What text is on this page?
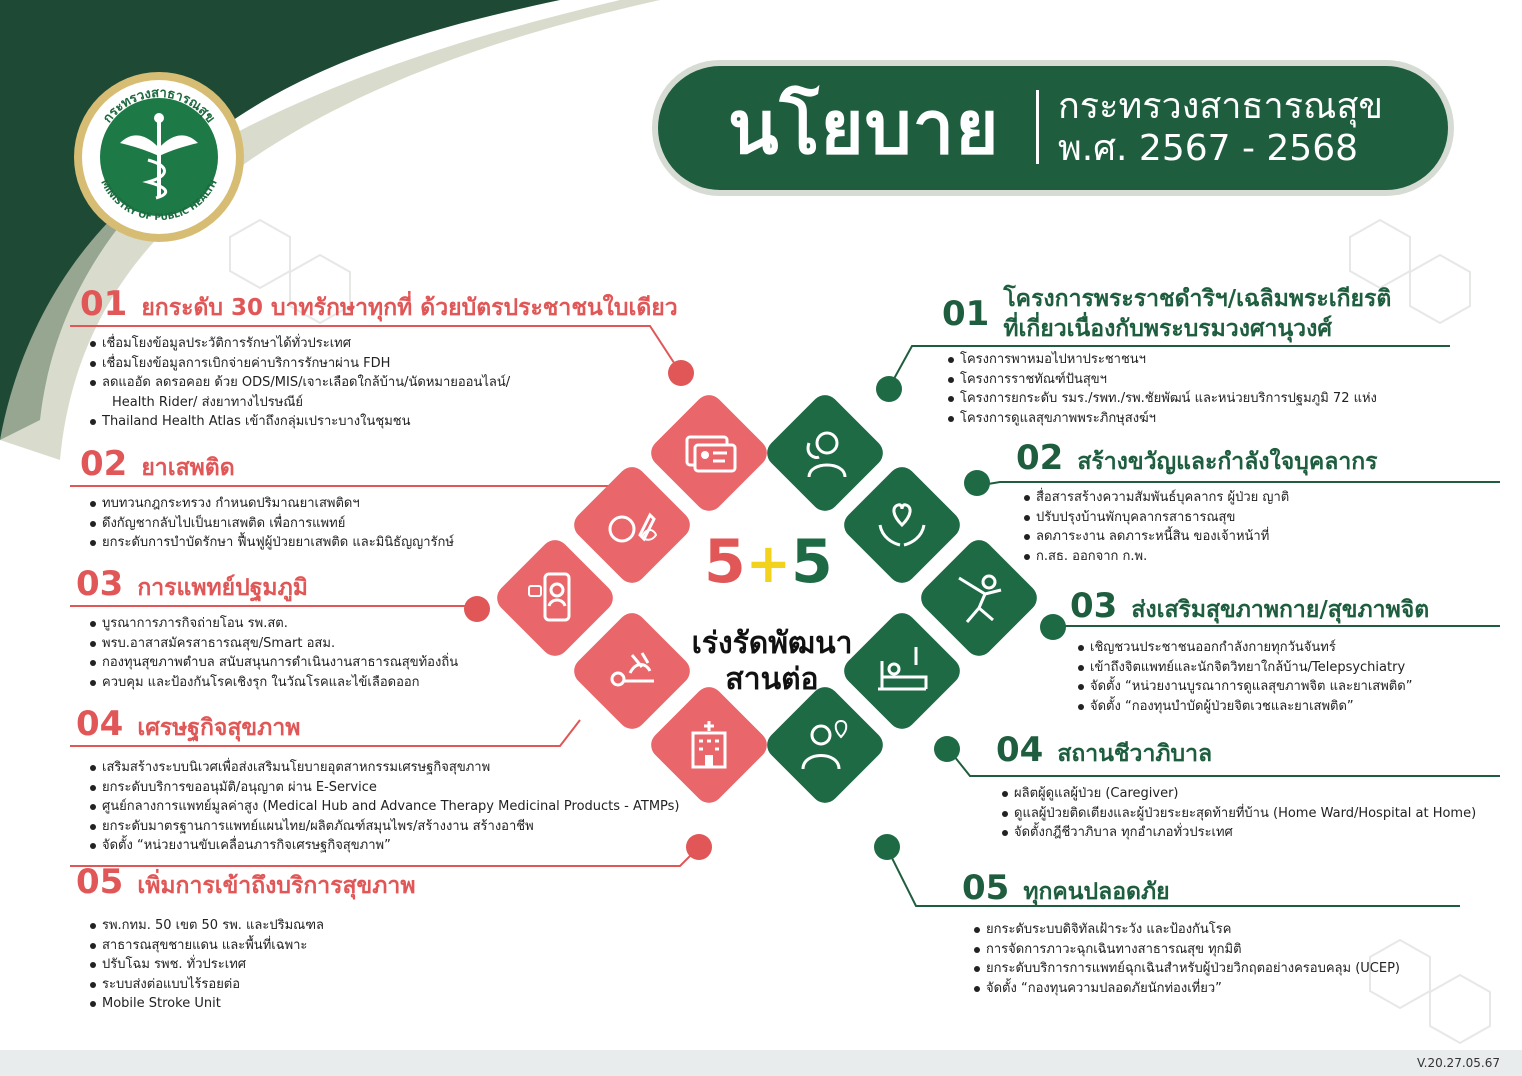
V.20.27.05.67
กระทรวงสาธารณสุข
MINISTRY OF PUBLIC HEALTH
นโยบาย กระทรวงสาธารณสุข
พ.ศ. 2567 - 2568
5+5
เร่งรัดพัฒนา
สานต่อ
01 ยกระดับ 30 บาทรักษาทุกที่ ด้วยบัตรประชาชนใบเดียว
เชื่อมโยงข้อมูลประวัติการรักษาได้ทั่วประเทศ
เชื่อมโยงข้อมูลการเบิกจ่ายค่าบริการรักษาผ่าน FDH
ลดแออัด ลดรอคอย ด้วย ODS/MIS/เจาะเลือดใกล้บ้าน/นัดหมายออนไลน์/
Health Rider/ ส่งยาทางไปรษณีย์
Thailand Health Atlas เข้าถึงกลุ่มเปราะบางในชุมชน
02 ยาเสพติด
ทบทวนกฎกระทรวง กำหนดปริมาณยาเสพติดฯ
ดึงกัญชากลับไปเป็นยาเสพติด เพื่อการแพทย์
ยกระดับการบำบัดรักษา ฟื้นฟูผู้ป่วยยาเสพติด และมินิธัญญารักษ์
03 การแพทย์ปฐมภูมิ
บูรณาการภารกิจถ่ายโอน รพ.สต.
พรบ.อาสาสมัครสาธารณสุข/Smart อสม.
กองทุนสุขภาพตำบล สนับสนุนการดำเนินงานสาธารณสุขท้องถิ่น
ควบคุม และป้องกันโรคเชิงรุก ในวัณโรคและไข้เลือดออก
04 เศรษฐกิจสุขภาพ
เสริมสร้างระบบนิเวศเพื่อส่งเสริมนโยบายอุตสาหกรรมเศรษฐกิจสุขภาพ
ยกระดับบริการขออนุมัติ/อนุญาต ผ่าน E-Service
ศูนย์กลางการแพทย์มูลค่าสูง (Medical Hub and Advance Therapy Medicinal Products - ATMPs)
ยกระดับมาตรฐานการแพทย์แผนไทย/ผลิตภัณฑ์สมุนไพร/สร้างงาน สร้างอาชีพ
จัดตั้ง “หน่วยงานขับเคลื่อนภารกิจเศรษฐกิจสุขภาพ”
05 เพิ่มการเข้าถึงบริการสุขภาพ
รพ.กทม. 50 เขต 50 รพ. และปริมณฑล
สาธารณสุขชายแดน และพื้นที่เฉพาะ
ปรับโฉม รพช. ทั่วประเทศ
ระบบส่งต่อแบบไร้รอยต่อ
Mobile Stroke Unit
01 โครงการพระราชดำริฯ/เฉลิมพระเกียรติ
ที่เกี่ยวเนื่องกับพระบรมวงศานุวงศ์
โครงการพาหมอไปหาประชาชนฯ
โครงการราชทัณฑ์ปันสุขฯ
โครงการยกระดับ รมร./รพท./รพ.ชัยพัฒน์ และหน่วยบริการปฐมภูมิ 72 แห่ง
โครงการดูแลสุขภาพพระภิกษุสงฆ์ฯ
02 สร้างขวัญและกำลังใจบุคลากร
สื่อสารสร้างความสัมพันธ์บุคลากร ผู้ป่วย ญาติ
ปรับปรุงบ้านพักบุคลากรสาธารณสุข
ลดภาระงาน ลดภาระหนี้สิน ของเจ้าหน้าที่
ก.สธ. ออกจาก ก.พ.
03 ส่งเสริมสุขภาพกาย/สุขภาพจิต
เชิญชวนประชาชนออกกำลังกายทุกวันจันทร์
เข้าถึงจิตแพทย์และนักจิตวิทยาใกล้บ้าน/Telepsychiatry
จัดตั้ง “หน่วยงานบูรณาการดูแลสุขภาพจิต และยาเสพติด”
จัดตั้ง “กองทุนบำบัดผู้ป่วยจิตเวชและยาเสพติด”
04 สถานชีวาภิบาล
ผลิตผู้ดูแลผู้ป่วย (Caregiver)
ดูแลผู้ป่วยติดเตียงและผู้ป่วยระยะสุดท้ายที่บ้าน (Home Ward/Hospital at Home)
จัดตั้งกฎีชีวาภิบาล ทุกอำเภอทั่วประเทศ
05 ทุกคนปลอดภัย
ยกระดับระบบดิจิทัลเฝ้าระวัง และป้องกันโรค
การจัดการภาวะฉุกเฉินทางสาธารณสุข ทุกมิติ
ยกระดับบริการการแพทย์ฉุกเฉินสำหรับผู้ป่วยวิกฤตอย่างครอบคลุม (UCEP)
จัดตั้ง “กองทุนความปลอดภัยนักท่องเที่ยว”
